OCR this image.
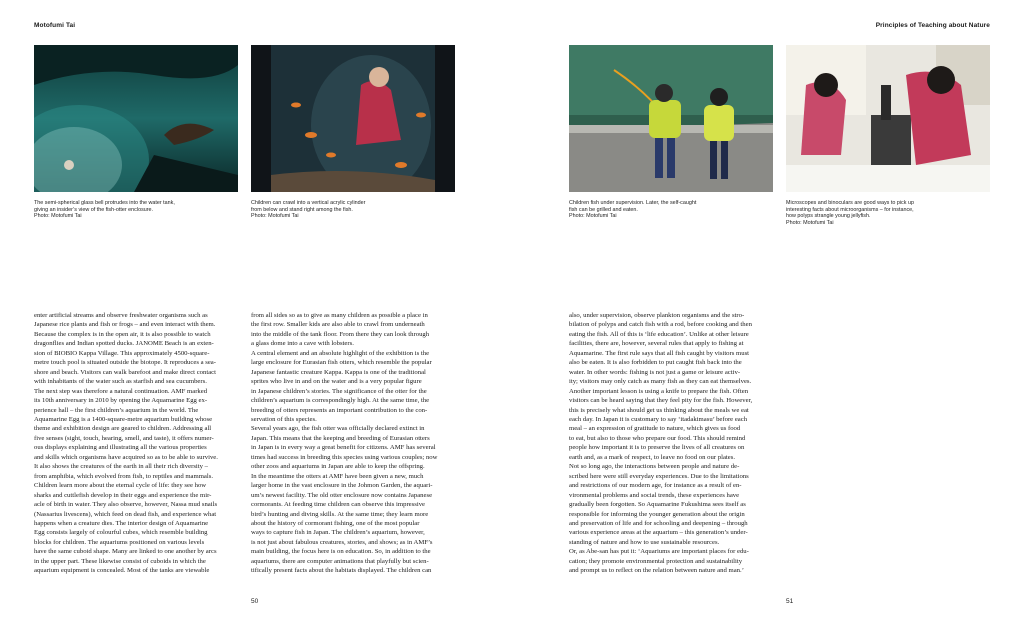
Motofumi Tai	Principles of Teaching about Nature
The semi-spherical glass bell protrudes into the water tank,
giving an insider’s view of the fish-otter enclosure.
Photo: Motofumi Tai
Children can crawl into a vertical acrylic cylinder
from below and stand right among the fish.
Photo: Motofumi Tai
Children fish under supervision. Later, the self-caught
fish can be grilled and eaten.
Photo: Motofumi Tai
Microscopes and binoculars are good ways to pick up
interesting facts about microorganisms – for instance,
how polyps strangle young jellyfish.
Photo: Motofumi Tai
enter artificial streams and observe freshwater organisms such as
Japanese rice plants and fish or frogs – and even interact with them.
Because the complex is in the open air, it is also possible to watch
dragonflies and Indian spotted ducks. JANOME Beach is an exten-
sion of BIOBIO Kappa Village. This approximately 4500-square-
metre touch pool is situated outside the biotope. It reproduces a sea-
shore and beach. Visitors can walk barefoot and make direct contact
with inhabitants of the water such as starfish and sea cucumbers.
The next step was therefore a natural continuation. AMF marked
its 10th anniversary in 2010 by opening the Aquamarine Egg ex-
perience hall – the first children’s aquarium in the world. The
Aquamarine Egg is a 1400-square-metre aquarium building whose
theme and exhibition design are geared to children. Addressing all
five senses (sight, touch, hearing, smell, and taste), it offers numer-
ous displays explaining and illustrating all the various properties
and skills which organisms have acquired so as to be able to survive.
It also shows the creatures of the earth in all their rich diversity –
from amphibia, which evolved from fish, to reptiles and mammals.
Children learn more about the eternal cycle of life: they see how
sharks and cuttlefish develop in their eggs and experience the mir-
acle of birth in water. They also observe, however, Nassa mud snails
(Nassarius livescens), which feed on dead fish, and experience what
happens when a creature dies. The interior design of Aquamarine
Egg consists largely of colourful cubes, which resemble building
blocks for children. The aquariums positioned on various levels
have the same cuboid shape. Many are linked to one another by arcs
in the upper part. These likewise consist of cuboids in which the
aquarium equipment is concealed. Most of the tanks are viewable
from all sides so as to give as many children as possible a place in
the first row. Smaller kids are also able to crawl from underneath
into the middle of the tank floor. From there they can look through
a glass dome into a cave with lobsters.
A central element and an absolute highlight of the exhibition is the
large enclosure for Eurasian fish otters, which resemble the popular
Japanese fantastic creature Kappa. Kappa is one of the traditional
sprites who live in and on the water and is a very popular figure
in Japanese children’s stories. The significance of the otter for the
children’s aquarium is correspondingly high. At the same time, the
breeding of otters represents an important contribution to the con-
servation of this species.
Several years ago, the fish otter was officially declared extinct in
Japan. This means that the keeping and breeding of Eurasian otters
in Japan is in every way a great benefit for citizens. AMF has several
times had success in breeding this species using various couples; now
other zoos and aquariums in Japan are able to keep the offspring.
In the meantime the otters at AMF have been given a new, much
larger home in the vast enclosure in the Johmon Garden, the aquari-
um’s newest facility. The old otter enclosure now contains Japanese
cormorants. At feeding time children can observe this impressive
bird’s hunting and diving skills. At the same time; they learn more
about the history of cormorant fishing, one of the most popular
ways to capture fish in Japan. The children’s aquarium, however,
is not just about fabulous creatures, stories, and shows; as in AMF’s
main building, the focus here is on education. So, in addition to the
aquariums, there are computer animations that playfully but scien-
tifically present facts about the habitats displayed. The children can
also, under supervision, observe plankton organisms and the stro-
bilation of polyps and catch fish with a rod, before cooking and then
eating the fish. All of this is ‘life education’. Unlike at other leisure
facilities, there are, however, several rules that apply to fishing at
Aquamarine. The first rule says that all fish caught by visitors must
also be eaten. It is also forbidden to put caught fish back into the
water. In other words: fishing is not just a game or leisure activ-
ity; visitors may only catch as many fish as they can eat themselves.
Another important lesson is using a knife to prepare the fish. Often
visitors can be heard saying that they feel pity for the fish. However,
this is precisely what should get us thinking about the meals we eat
each day. In Japan it is customary to say ‘itadakimasu’ before each
meal – an expression of gratitude to nature, which gives us food
to eat, but also to those who prepare our food. This should remind
people how important it is to preserve the lives of all creatures on
earth and, as a mark of respect, to leave no food on our plates.
Not so long ago, the interactions between people and nature de-
scribed here were still everyday experiences. Due to the limitations
and restrictions of our modern age, for instance as a result of en-
vironmental problems and social trends, these experiences have
gradually been forgotten. So Aquamarine Fukushima sees itself as
responsible for informing the younger generation about the origin
and preservation of life and for schooling and deepening – through
various experience areas at the aquarium – this generation’s under-
standing of nature and how to use sustainable resources.
Or, as Abe-san has put it: ‘Aquariums are important places for edu-
cation; they promote environmental protection and sustainability
and prompt us to reflect on the relation between nature and man.’
50	51
